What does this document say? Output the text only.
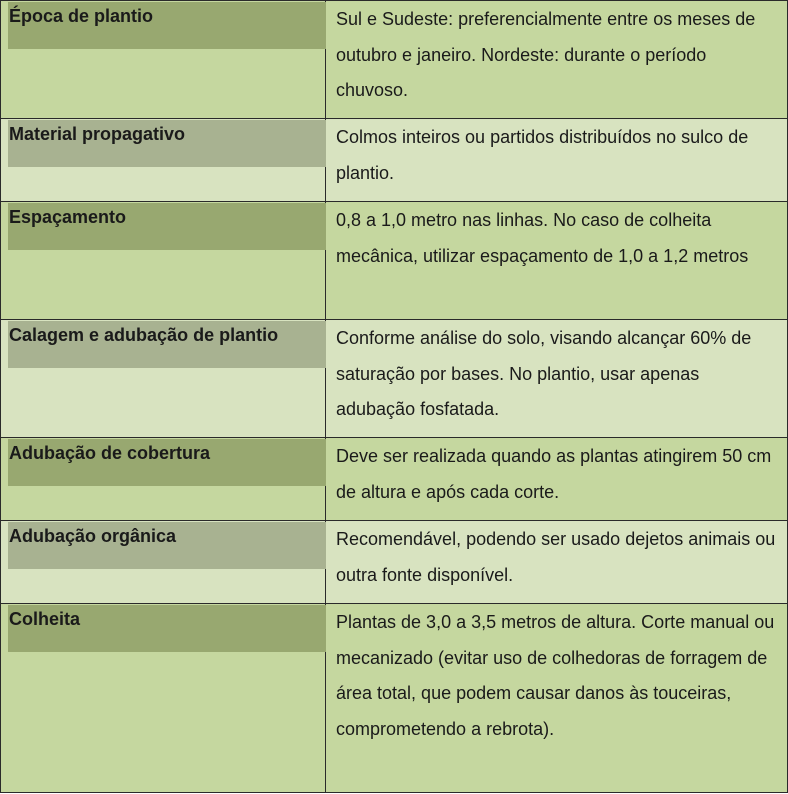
Época de plantio	Sul e Sudeste: preferencialmente entre os meses de outubro e janeiro. Nordeste: durante o período chuvoso.
Material propagativo	Colmos inteiros ou partidos distribuídos no sulco de plantio.
Espaçamento	0,8 a 1,0 metro nas linhas. No caso de colheita mecânica, utilizar espaçamento de 1,0 a 1,2 metros
Calagem e adubação de plantio	Conforme análise do solo, visando alcançar 60% de saturação por bases. No plantio, usar apenas adubação fosfatada.
Adubação de cobertura	Deve ser realizada quando as plantas atingirem 50 cm de altura e após cada corte.
Adubação orgânica	Recomendável, podendo ser usado dejetos animais ou outra fonte disponível.
Colheita	Plantas de 3,0 a 3,5 metros de altura. Corte manual ou mecanizado (evitar uso de colhedoras de forragem de área total, que podem causar danos às touceiras, comprometendo a rebrota).
